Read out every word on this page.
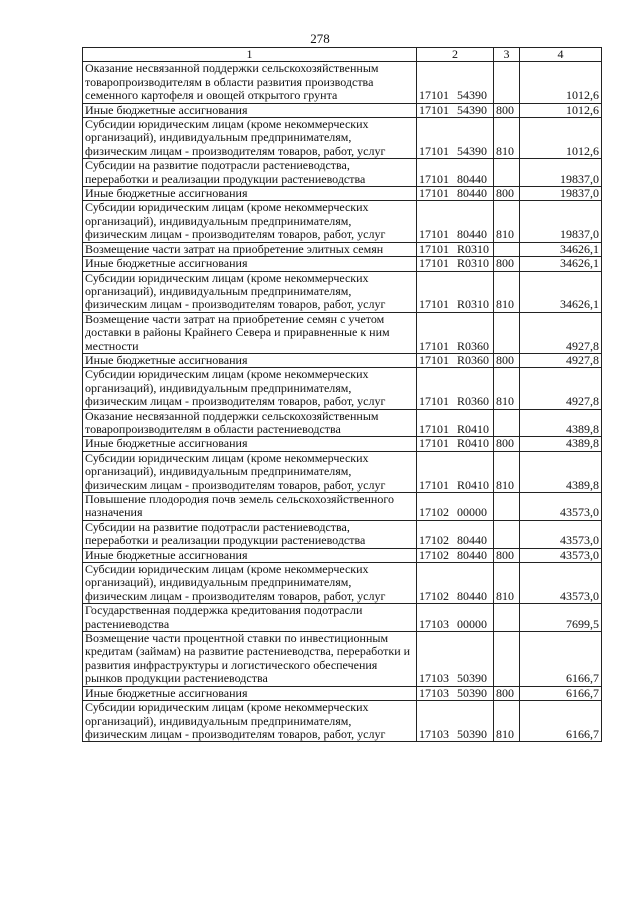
278
1	2	3	4
Оказание несвязанной поддержки сельскохозяйственным товаропроизводителям в области развития производства семенного картофеля и овощей открытого грунта	17101 54390		1012,6
Иные бюджетные ассигнования	17101 54390	800	1012,6
Субсидии юридическим лицам (кроме некоммерческих организаций), индивидуальным предпринимателям, физическим лицам - производителям товаров, работ, услуг	17101 54390	810	1012,6
Субсидии на развитие подотрасли растениеводства, переработки и реализации продукции растениеводства	17101 80440		19837,0
Иные бюджетные ассигнования	17101 80440	800	19837,0
Субсидии юридическим лицам (кроме некоммерческих организаций), индивидуальным предпринимателям, физическим лицам - производителям товаров, работ, услуг	17101 80440	810	19837,0
Возмещение части затрат на приобретение элитных семян	17101 R0310		34626,1
Иные бюджетные ассигнования	17101 R0310	800	34626,1
Субсидии юридическим лицам (кроме некоммерческих организаций), индивидуальным предпринимателям, физическим лицам - производителям товаров, работ, услуг	17101 R0310	810	34626,1
Возмещение части затрат на приобретение семян с учетом доставки в районы Крайнего Севера и приравненные к ним местности	17101 R0360		4927,8
Иные бюджетные ассигнования	17101 R0360	800	4927,8
Субсидии юридическим лицам (кроме некоммерческих организаций), индивидуальным предпринимателям, физическим лицам - производителям товаров, работ, услуг	17101 R0360	810	4927,8
Оказание несвязанной поддержки сельскохозяйственным товаропроизводителям в области растениеводства	17101 R0410		4389,8
Иные бюджетные ассигнования	17101 R0410	800	4389,8
Субсидии юридическим лицам (кроме некоммерческих организаций), индивидуальным предпринимателям, физическим лицам - производителям товаров, работ, услуг	17101 R0410	810	4389,8
Повышение плодородия почв земель сельскохозяйственного назначения	17102 00000		43573,0
Субсидии на развитие подотрасли растениеводства, переработки и реализации продукции растениеводства	17102 80440		43573,0
Иные бюджетные ассигнования	17102 80440	800	43573,0
Субсидии юридическим лицам (кроме некоммерческих организаций), индивидуальным предпринимателям, физическим лицам - производителям товаров, работ, услуг	17102 80440	810	43573,0
Государственная поддержка кредитования подотрасли растениеводства	17103 00000		7699,5
Возмещение части процентной ставки по инвестиционным кредитам (займам) на развитие растениеводства, переработки и развития инфраструктуры и логистического обеспечения рынков продукции растениеводства	17103 50390		6166,7
Иные бюджетные ассигнования	17103 50390	800	6166,7
Субсидии юридическим лицам (кроме некоммерческих организаций), индивидуальным предпринимателям, физическим лицам - производителям товаров, работ, услуг	17103 50390	810	6166,7
